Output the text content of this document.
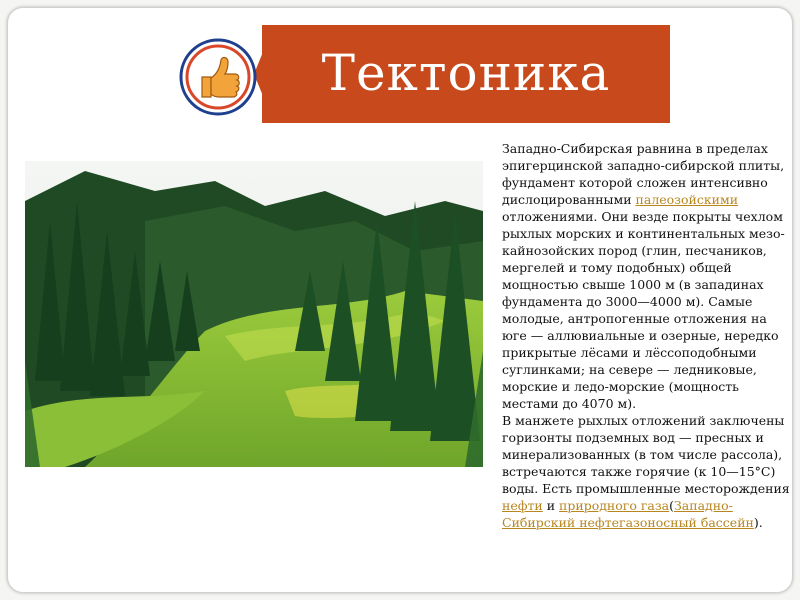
Тектоника

Западно-Сибирская равнина в пределах эпигерцинской западно-сибирской плиты, фундамент которой сложен интенсивно дислоцированными палеозойскими отложениями. Они везде покрыты чехлом рыхлых морских и континентальных мезо-кайнозойских пород (глин, песчаников, мергелей и тому подобных) общей мощностью свыше 1000 м (в западинах фундамента до 3000—4000 м). Самые молодые, антропогенные отложения на юге — аллювиальные и озерные, нередко прикрытые лёсами и лёссоподобными суглинками; на севере — ледниковые, морские и ледо-морские (мощность местами до 4070 м).

В манжете рыхлых отложений заключены горизонты подземных вод — пресных и минерализованных (в том числе рассола), встречаются также горячие (к 10—15°С) воды. Есть промышленные месторождения нефти и природного газа(Западно-Сибирский нефтегазоносный бассейн).
